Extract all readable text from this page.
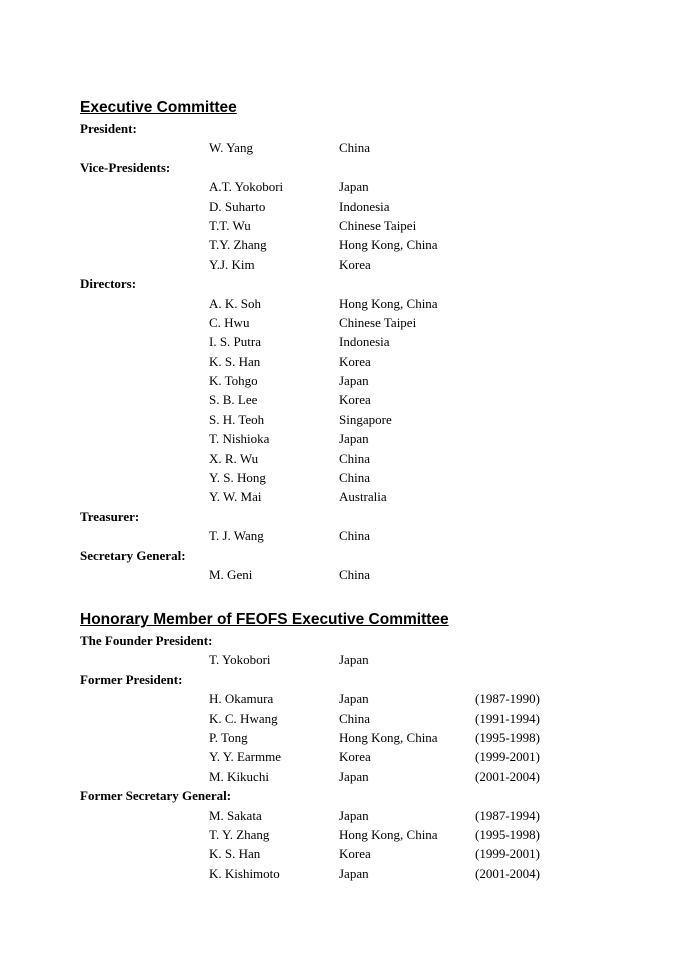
Executive Committee
President:
W. Yang	China
Vice-Presidents:
A.T. Yokobori	Japan
D. Suharto	Indonesia
T.T. Wu	Chinese Taipei
T.Y. Zhang	Hong Kong, China
Y.J. Kim	Korea
Directors:
A. K. Soh	Hong Kong, China
C. Hwu	Chinese Taipei
I. S. Putra	Indonesia
K. S. Han	Korea
K. Tohgo	Japan
S. B. Lee	Korea
S. H. Teoh	Singapore
T. Nishioka	Japan
X. R. Wu	China
Y. S. Hong	China
Y. W. Mai	Australia
Treasurer:
T. J. Wang	China
Secretary General:
M. Geni	China
Honorary Member of FEOFS Executive Committee
The Founder President:
T. Yokobori	Japan
Former President:
H. Okamura	Japan	(1987-1990)
K. C. Hwang	China	(1991-1994)
P. Tong	Hong Kong, China	(1995-1998)
Y. Y. Earmme	Korea	(1999-2001)
M. Kikuchi	Japan	(2001-2004)
Former Secretary General:
M. Sakata	Japan	(1987-1994)
T. Y. Zhang	Hong Kong, China	(1995-1998)
K. S. Han	Korea	(1999-2001)
K. Kishimoto	Japan	(2001-2004)
